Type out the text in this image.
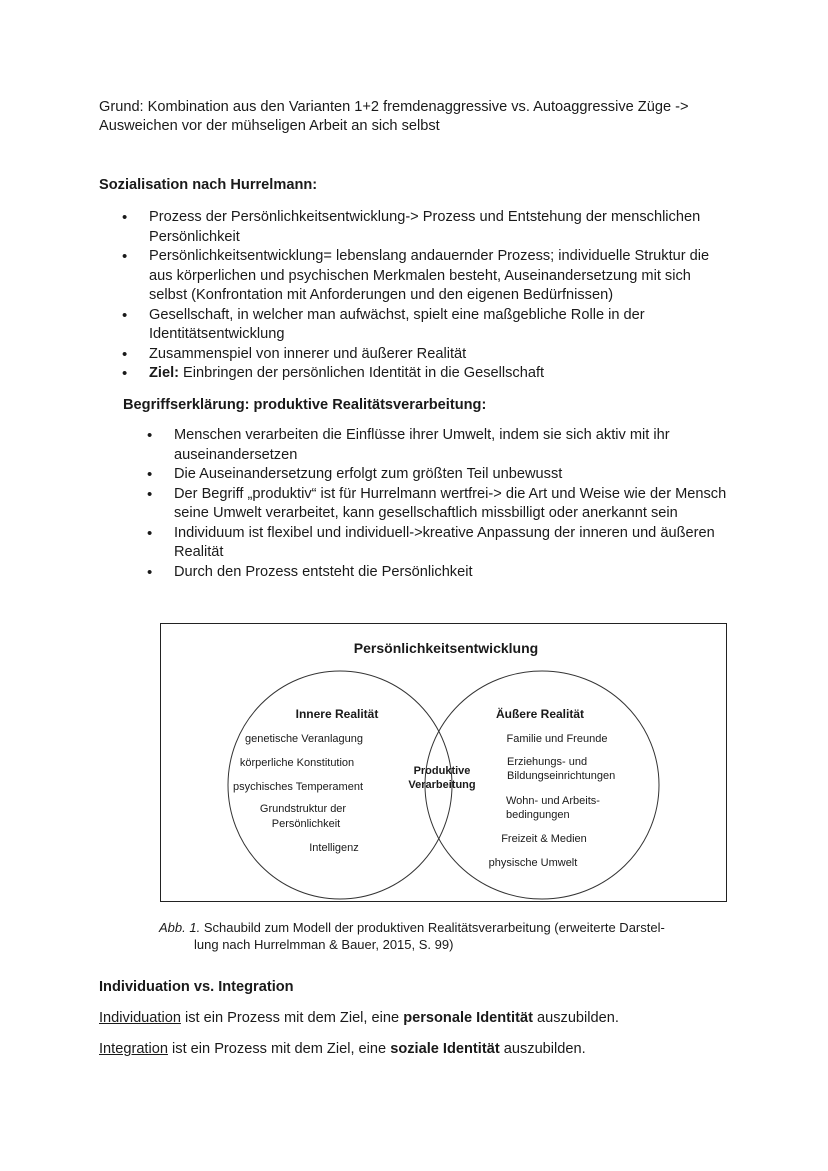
Grund: Kombination aus den Varianten 1+2 fremdenaggressive vs. Autoaggressive Züge ->
Ausweichen vor der mühseligen Arbeit an sich selbst
Sozialisation nach Hurrelmann:
• Prozess der Persönlichkeitsentwicklung-> Prozess und Entstehung der menschlichen Persönlichkeit
• Persönlichkeitsentwicklung= lebenslang andauernder Prozess; individuelle Struktur die aus körperlichen und psychischen Merkmalen besteht, Auseinandersetzung mit sich selbst (Konfrontation mit Anforderungen und den eigenen Bedürfnissen)
• Gesellschaft, in welcher man aufwächst, spielt eine maßgebliche Rolle in der Identitätsentwicklung
• Zusammenspiel von innerer und äußerer Realität
• Ziel: Einbringen der persönlichen Identität in die Gesellschaft
Begriffserklärung: produktive Realitätsverarbeitung:
• Menschen verarbeiten die Einflüsse ihrer Umwelt, indem sie sich aktiv mit ihr auseinandersetzen
• Die Auseinandersetzung erfolgt zum größten Teil unbewusst
• Der Begriff „produktiv“ ist für Hurrelmann wertfrei-> die Art und Weise wie der Mensch seine Umwelt verarbeitet, kann gesellschaftlich missbilligt oder anerkannt sein
• Individuum ist flexibel und individuell->kreative Anpassung der inneren und äußeren Realität
• Durch den Prozess entsteht die Persönlichkeit
Persönlichkeitsentwicklung
Innere Realität
genetische Veranlagung
körperliche Konstitution
psychisches Temperament
Grundstruktur der
Persönlichkeit
Intelligenz
Produktive
Verarbeitung
Äußere Realität
Familie und Freunde
Erziehungs- und
Bildungseinrichtungen
Wohn- und Arbeits-
bedingungen
Freizeit & Medien
physische Umwelt
Abb. 1. Schaubild zum Modell der produktiven Realitätsverarbeitung (erweiterte Darstel-
lung nach Hurrelmman & Bauer, 2015, S. 99)
Individuation vs. Integration
Individuation ist ein Prozess mit dem Ziel, eine personale Identität auszubilden.
Integration ist ein Prozess mit dem Ziel, eine soziale Identität auszubilden.
